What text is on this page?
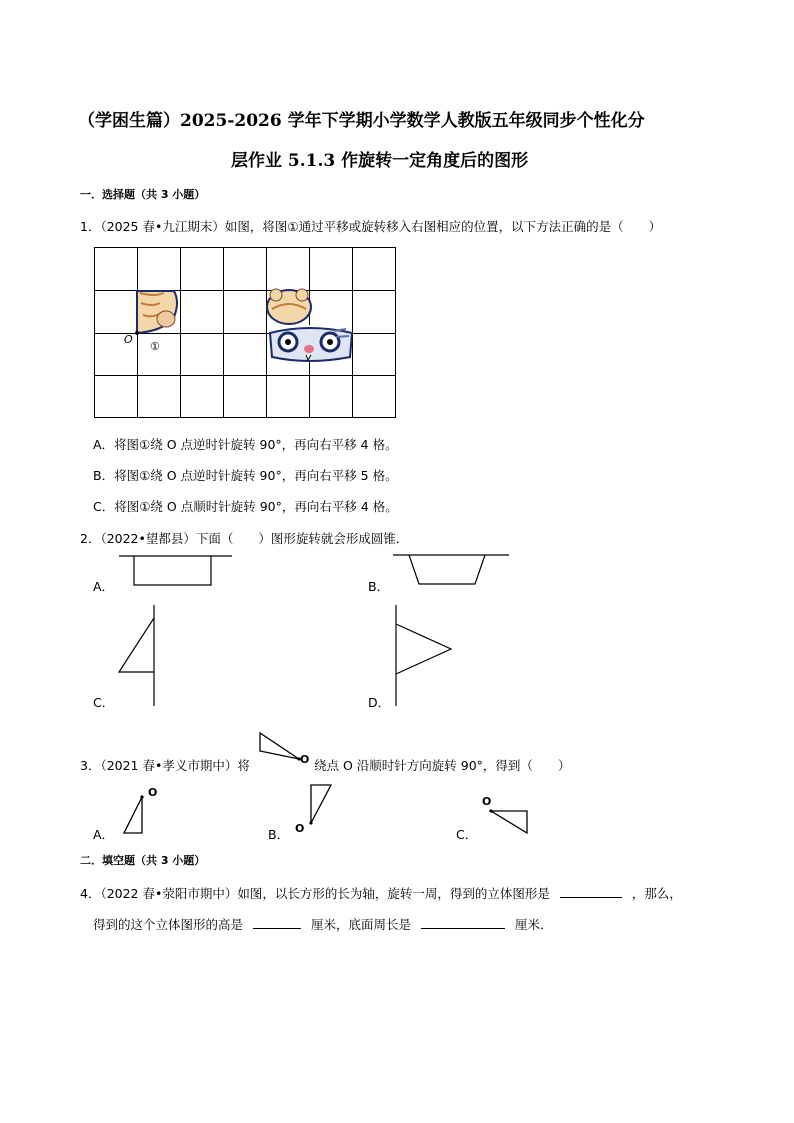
（学困生篇）2025-2026 学年下学期小学数学人教版五年级同步个性化分
层作业 5.1.3 作旋转一定角度后的图形
一．选择题（共 3 小题）
1．（2025 春•九江期末）如图，将图①通过平移或旋转移入右图相应的位置，以下方法正确的是（　　）
O
①
A．将图①绕 O 点逆时针旋转 90°，再向右平移 4 格。
B．将图①绕 O 点逆时针旋转 90°，再向右平移 5 格。
C．将图①绕 O 点顺时针旋转 90°，再向右平移 4 格。
2．（2022•望都县）下面（　　）图形旋转就会形成圆锥．
A．	B．
C．	D．
3．（2021 春•孝义市期中）将	O 绕点 O 沿顺时针方向旋转 90°，得到（　　）
A．
O
B． O	C．
O
二．填空题（共 3 小题）
4．（2022 春•荥阳市期中）如图，以长方形的长为轴，旋转一周，得到的立体图形是	，那么，
得到的这个立体图形的高是	厘米，底面周长是	厘米．
